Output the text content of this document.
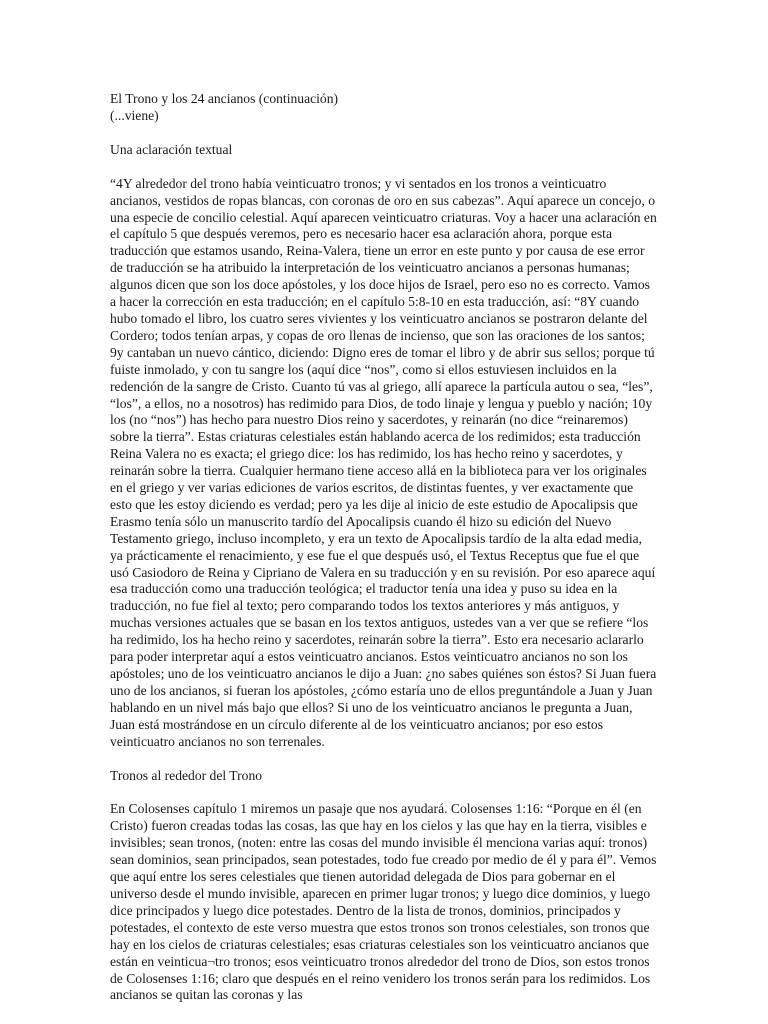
El Trono y los 24 ancianos (continuación)

(...viene)

Una aclaración textual

“4Y alrededor del trono había veinticuatro tronos; y vi sentados en los tronos a veinticuatro ancianos, vestidos de ropas blancas, con coronas de oro en sus cabezas”. Aquí aparece un concejo, o una especie de concilio celestial. Aquí aparecen veinticuatro criaturas. Voy a hacer una aclaración en el capítulo 5 que después veremos, pero es necesario hacer esa aclaración ahora, porque esta traducción que estamos usando, Reina-Valera, tiene un error en este punto y por causa de ese error de traducción se ha atribuido la interpretación de los veinticuatro ancianos a personas humanas; algunos dicen que son los doce apóstoles, y los doce hijos de Israel, pero eso no es correcto. Vamos a hacer la corrección en esta traducción; en el capítulo 5:8-10 en esta traducción, así: “8Y cuando hubo tomado el libro, los cuatro seres vivientes y los veinticuatro ancianos se postraron delante del Cordero; todos tenían arpas, y copas de oro llenas de incienso, que son las oraciones de los santos; 9y cantaban un nuevo cántico, diciendo: Digno eres de tomar el libro y de abrir sus sellos; porque tú fuiste inmolado, y con tu sangre los (aquí dice “nos”, como si ellos estuviesen incluidos en la redención de la sangre de Cristo. Cuanto tú vas al griego, allí aparece la partícula autou o sea, “les”, “los”, a ellos, no a nosotros) has redimido para Dios, de todo linaje y lengua y pueblo y nación; 10y los (no “nos”) has hecho para nuestro Dios reino y sacerdotes, y reinarán (no dice “reinaremos) sobre la tierra”. Estas criaturas celestiales están hablando acerca de los redimidos; esta traducción Reina Valera no es exacta; el griego dice: los has redimido, los has hecho reino y sacerdotes, y reinarán sobre la tierra. Cualquier hermano tiene acceso allá en la biblioteca para ver los originales en el griego y ver varias ediciones de varios escritos, de distintas fuentes, y ver exactamente que esto que les estoy diciendo es verdad; pero ya les dije al inicio de este estudio de Apocalipsis que Erasmo tenía sólo un manuscrito tardío del Apocalipsis cuando él hizo su edición del Nuevo Testamento griego, incluso incompleto, y era un texto de Apocalipsis tardío de la alta edad media, ya prácticamente el renacimiento, y ese fue el que después usó, el Textus Receptus que fue el que usó Casiodoro de Reina y Cipriano de Valera en su traducción y en su revisión. Por eso aparece aquí esa traducción como una traducción teológica; el traductor tenía una idea y puso su idea en la traducción, no fue fiel al texto; pero comparando todos los textos anteriores y más antiguos, y muchas versiones actuales que se basan en los textos antiguos, ustedes van a ver que se refiere “los ha redimido, los ha hecho reino y sacerdotes, reinarán sobre la tierra”. Esto era necesario aclararlo para poder interpretar aquí a estos veinticuatro ancianos. Estos veinticuatro ancianos no son los apóstoles; uno de los veinticuatro ancianos le dijo a Juan: ¿no sabes quiénes son éstos? Si Juan fuera uno de los ancianos, si fueran los apóstoles, ¿cómo estaría uno de ellos preguntándole a Juan y Juan hablando en un nivel más bajo que ellos? Si uno de los veinticuatro ancianos le pregunta a Juan, Juan está mostrándose en un círculo diferente al de los veinticuatro ancianos; por eso estos veinticuatro ancianos no son terrenales.

Tronos al rededor del Trono

En Colosenses capítulo 1 miremos un pasaje que nos ayudará. Colosenses 1:16: “Porque en él (en Cristo) fueron creadas todas las cosas, las que hay en los cielos y las que hay en la tierra, visibles e invisibles; sean tronos, (noten: entre las cosas del mundo invisible él menciona varias aquí: tronos) sean dominios, sean principados, sean potestades, todo fue creado por medio de él y para él”. Vemos que aquí entre los seres celestiales que tienen autoridad delegada de Dios para gobernar en el universo desde el mundo invisible, aparecen en primer lugar tronos; y luego dice dominios, y luego dice principados y luego dice potestades. Dentro de la lista de tronos, dominios, principados y potestades, el contexto de este verso muestra que estos tronos son tronos celestiales, son tronos que hay en los cielos de criaturas celestiales; esas criaturas celestiales son los veinticuatro ancianos que están en veinticua¬tro tronos; esos veinticuatro tronos alrededor del trono de Dios, son estos tronos de Colosenses 1:16; claro que después en el reino venidero los tronos serán para los redimidos. Los ancianos se quitan las coronas y las
